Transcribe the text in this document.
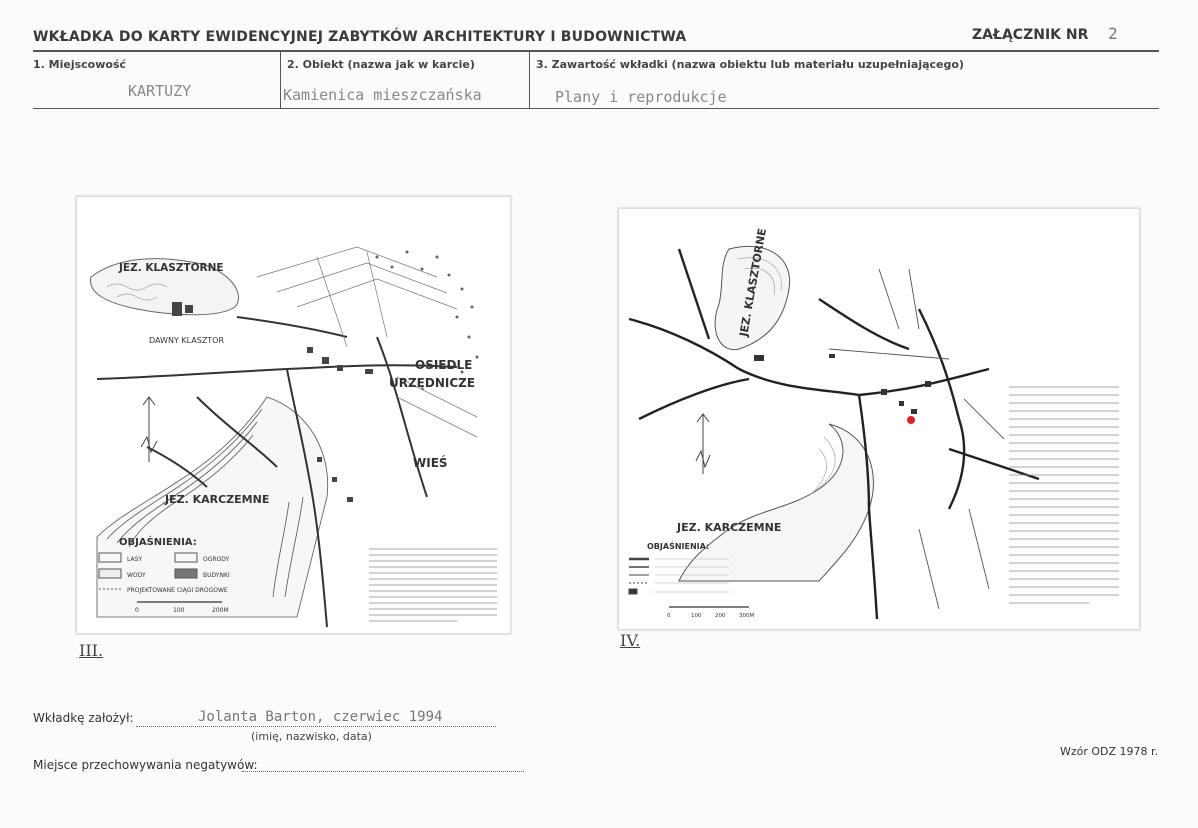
WKŁADKA DO KARTY EWIDENCYJNEJ ZABYTKÓW ARCHITEKTURY I BUDOWNICTWA	ZAŁĄCZNIK NR 2
1. Miejscowość
KARTUZY
2. Obiekt (nazwa jak w karcie)
Kamienica mieszczańska
3. Zawartość wkładki (nazwa obiektu lub materiału uzupełniającego)
Plany i reprodukcje
JEZ. KLASZTORNE
DAWNY KLASZTOR
OSIEDLE
URZĘDNICZE
WIEŚ
JEZ. KARCZEMNE
OBJAŚNIENIA:
LASY	OGRODY
WODY	BUDYNKI
PROJEKTOWANE CIĄGI DROGOWE
0	100	200M
III.
JEZ. KLASZTORNE
JEZ. KARCZEMNE
OBJAŚNIENIA:
0	100 200 300M
IV.
Wkładkę założył:	Jolanta Barton, czerwiec 1994
(imię, nazwisko, data)
Miejsce przechowywania negatywów:
Wzór ODZ 1978 r.
